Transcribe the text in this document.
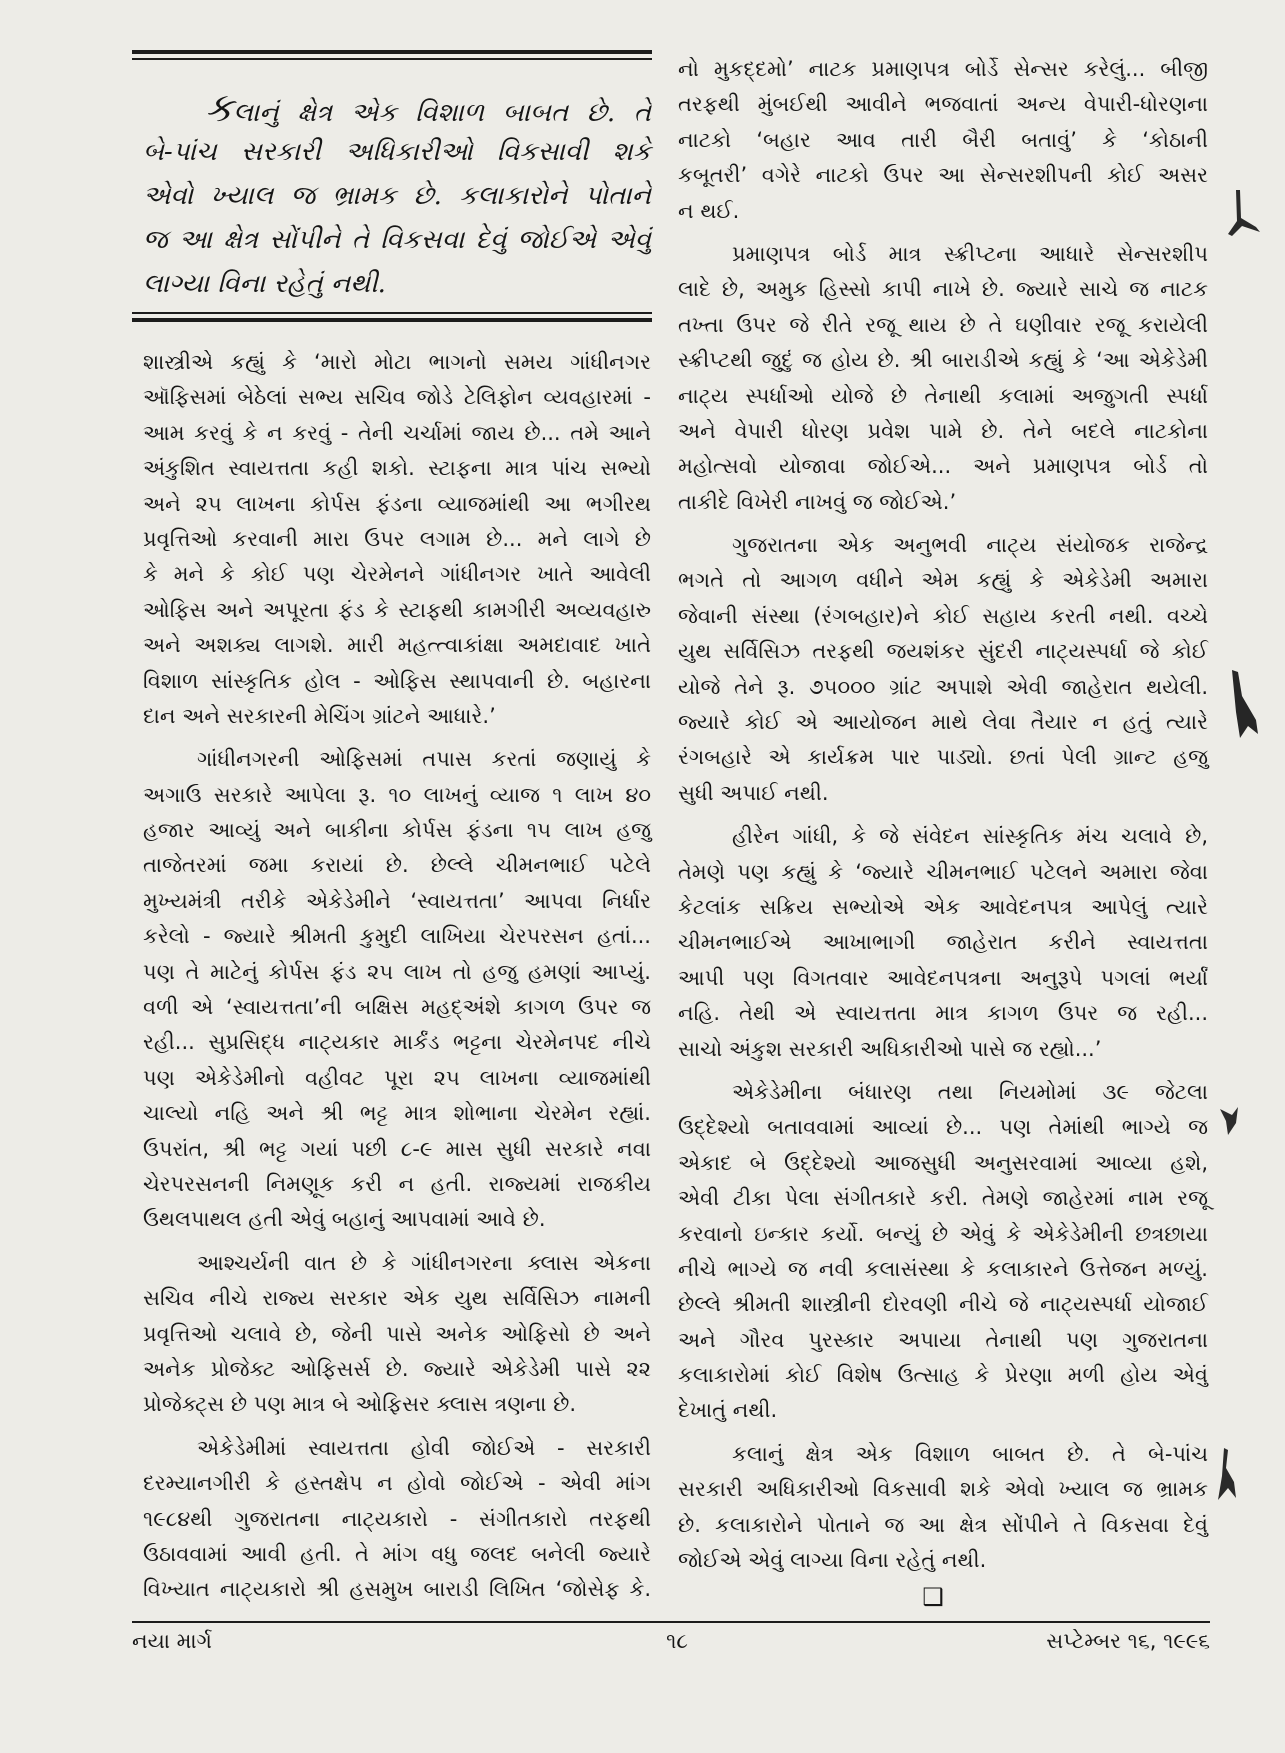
કલાનું ક્ષેત્ર એક વિશાળ બાબત છે. તે
બે-પાંચ સરકારી અધિકારીઓ વિકસાવી શકે
એવો ખ્યાલ જ ભ્રામક છે. કલાકારોને પોતાને
જ આ ક્ષેત્ર સોંપીને તે વિકસવા દેવું જોઈએ એવું
લાગ્યા વિના રહેતું નથી.
શાસ્ત્રીએ કહ્યું કે ‘મારો મોટા ભાગનો સમય ગાંધીનગર
ઑફિસમાં બેઠેલાં સભ્ય સચિવ જોડે ટેલિફોન વ્યવહારમાં -
આમ કરવું કે ન કરવું - તેની ચર્ચામાં જાય છે... તમે આને
અંકુશિત સ્વાયત્તતા કહી શકો. સ્ટાફના માત્ર પાંચ સભ્યો
અને ૨૫ લાખના કોર્પસ ફંડના વ્યાજમાંથી આ ભગીરથ
પ્રવૃત્તિઓ કરવાની મારા ઉપર લગામ છે... મને લાગે છે
કે મને કે કોઈ પણ ચેરમેનને ગાંધીનગર ખાતે આવેલી
ઓફિસ અને અપૂરતા ફંડ કે સ્ટાફથી કામગીરી અવ્યવહારુ
અને અશક્ય લાગશે. મારી મહત્ત્વાકાંક્ષા અમદાવાદ ખાતે
વિશાળ સાંસ્કૃતિક હોલ - ઓફિસ સ્થાપવાની છે. બહારના
દાન અને સરકારની મેચિંગ ગ્રાંટને આધારે.’
ગાંધીનગરની ઓફિસમાં તપાસ કરતાં જણાયું કે
અગાઉ સરકારે આપેલા રૂ. ૧૦ લાખનું વ્યાજ ૧ લાખ ૪૦
હજાર આવ્યું અને બાકીના કોર્પસ ફંડના ૧૫ લાખ હજુ
તાજેતરમાં જમા કરાયાં છે. છેલ્લે ચીમનભાઈ પટેલે
મુખ્યમંત્રી તરીકે એકેડેમીને ‘સ્વાયત્તતા’ આપવા નિર્ધાર
કરેલો - જ્યારે શ્રીમતી કુમુદી લાખિયા ચેરપરસન હતાં...
પણ તે માટેનું કોર્પસ ફંડ ૨૫ લાખ તો હજુ હમણાં આપ્યું.
વળી એ ‘સ્વાયત્તતા’ની બક્ષિસ મહદ્અંશે કાગળ ઉપર જ
રહી... સુપ્રસિદ્ધ નાટ્યકાર માર્કંડ ભટ્ટના ચેરમેનપદ નીચે
પણ એકેડેમીનો વહીવટ પૂરા ૨૫ લાખના વ્યાજમાંથી
ચાલ્યો નહિ અને શ્રી ભટ્ટ માત્ર શોભાના ચેરમેન રહ્યાં.
ઉપરાંત, શ્રી ભટ્ટ ગયાં પછી ૮-૯ માસ સુધી સરકારે નવા
ચેરપરસનની નિમણૂક કરી ન હતી. રાજ્યમાં રાજકીય
ઉથલપાથલ હતી એવું બહાનું આપવામાં આવે છે.
આશ્ચર્યની વાત છે કે ગાંધીનગરના ક્લાસ એકના
સચિવ નીચે રાજ્ય સરકાર એક યુથ સર્વિસિઝ નામની
પ્રવૃત્તિઓ ચલાવે છે, જેની પાસે અનેક ઓફિસો છે અને
અનેક પ્રોજેક્ટ ઓફિસર્સ છે. જ્યારે એકેડેમી પાસે ૨૨
પ્રોજેક્ટ્સ છે પણ માત્ર બે ઓફિસર ક્લાસ ત્રણના છે.
એકેડેમીમાં સ્વાયત્તતા હોવી જોઈએ - સરકારી
દરમ્યાનગીરી કે હસ્તક્ષેપ ન હોવો જોઈએ - એવી માંગ
૧૯૮૪થી ગુજરાતના નાટ્યકારો - સંગીતકારો તરફથી
ઉઠાવવામાં આવી હતી. તે માંગ વધુ જલદ બનેલી જ્યારે
વિખ્યાત નાટ્યકારો શ્રી હસમુખ બારાડી લિખિત ‘જોસેફ કે.
નો મુકદ્દમો’ નાટક પ્રમાણપત્ર બોર્ડે સેન્સર કરેલું... બીજી
તરફથી મુંબઈથી આવીને ભજવાતાં અન્ય વેપારી-ધોરણના
નાટકો ‘બહાર આવ તારી બૈરી બતાવું’ કે ‘કોઠાની
કબૂતરી’ વગેરે નાટકો ઉપર આ સેન્સરશીપની કોઈ અસર
ન થઈ.
પ્રમાણપત્ર બોર્ડ માત્ર સ્ક્રીપ્ટના આધારે સેન્સરશીપ
લાદે છે, અમુક હિસ્સો કાપી નાખે છે. જ્યારે સાચે જ નાટક
તખ્તા ઉપર જે રીતે રજૂ થાય છે તે ઘણીવાર રજૂ કરાયેલી
સ્ક્રીપ્ટથી જુદું જ હોય છે. શ્રી બારાડીએ કહ્યું કે ‘આ એકેડેમી
નાટ્ય સ્પર્ધાઓ યોજે છે તેનાથી કલામાં અજુગતી સ્પર્ધા
અને વેપારી ધોરણ પ્રવેશ પામે છે. તેને બદલે નાટકોના
મહોત્સવો યોજાવા જોઈએ... અને પ્રમાણપત્ર બોર્ડ તો
તાકીદે વિખેરી નાખવું જ જોઈએ.’
ગુજરાતના એક અનુભવી નાટ્ય સંયોજક રાજેન્દ્ર
ભગતે તો આગળ વધીને એમ કહ્યું કે એકેડેમી અમારા
જેવાની સંસ્થા (રંગબહાર)ને કોઈ સહાય કરતી નથી. વચ્ચે
યુથ સર્વિસિઝ તરફથી જયશંકર સુંદરી નાટ્યસ્પર્ધા જે કોઈ
યોજે તેને રૂ. ૭૫૦૦૦ ગ્રાંટ અપાશે એવી જાહેરાત થયેલી.
જ્યારે કોઈ એ આયોજન માથે લેવા તૈયાર ન હતું ત્યારે
રંગબહારે એ કાર્યક્રમ પાર પાડ્યો. છતાં પેલી ગ્રાન્ટ હજુ
સુધી અપાઈ નથી.
હીરેન ગાંધી, કે જે સંવેદન સાંસ્કૃતિક મંચ ચલાવે છે,
તેમણે પણ કહ્યું કે ‘જ્યારે ચીમનભાઈ પટેલને અમારા જેવા
કેટલાંક સક્રિય સભ્યોએ એક આવેદનપત્ર આપેલું ત્યારે
ચીમનભાઈએ આખાભાગી જાહેરાત કરીને સ્વાયત્તતા
આપી પણ વિગતવાર આવેદનપત્રના અનુરૂપે પગલાં ભર્યાં
નહિ. તેથી એ સ્વાયત્તતા માત્ર કાગળ ઉપર જ રહી...
સાચો અંકુશ સરકારી અધિકારીઓ પાસે જ રહ્યો...’
એકેડેમીના બંધારણ તથા નિયમોમાં ૩૯ જેટલા
ઉદ્દેશ્યો બતાવવામાં આવ્યાં છે... પણ તેમાંથી ભાગ્યે જ
એકાદ બે ઉદ્દેશ્યો આજસુધી અનુસરવામાં આવ્યા હશે,
એવી ટીકા પેલા સંગીતકારે કરી. તેમણે જાહેરમાં નામ રજૂ
કરવાનો ઇન્કાર કર્યો. બન્યું છે એવું કે એકેડેમીની છત્રછાયા
નીચે ભાગ્યે જ નવી કલાસંસ્થા કે કલાકારને ઉત્તેજન મળ્યું.
છેલ્લે શ્રીમતી શાસ્ત્રીની દોરવણી નીચે જે નાટ્યસ્પર્ધા યોજાઈ
અને ગૌરવ પુરસ્કાર અપાયા તેનાથી પણ ગુજરાતના
કલાકારોમાં કોઈ વિશેષ ઉત્સાહ કે પ્રેરણા મળી હોય એવું
દેખાતું નથી.
કલાનું ક્ષેત્ર એક વિશાળ બાબત છે. તે બે-પાંચ
સરકારી અધિકારીઓ વિકસાવી શકે એવો ખ્યાલ જ ભ્રામક
છે. કલાકારોને પોતાને જ આ ક્ષેત્ર સોંપીને તે વિકસવા દેવું
જોઈએ એવું લાગ્યા વિના રહેતું નથી.
❑
નયા માર્ગ	૧૮	સપ્ટેમ્બર ૧૬, ૧૯૯૬
